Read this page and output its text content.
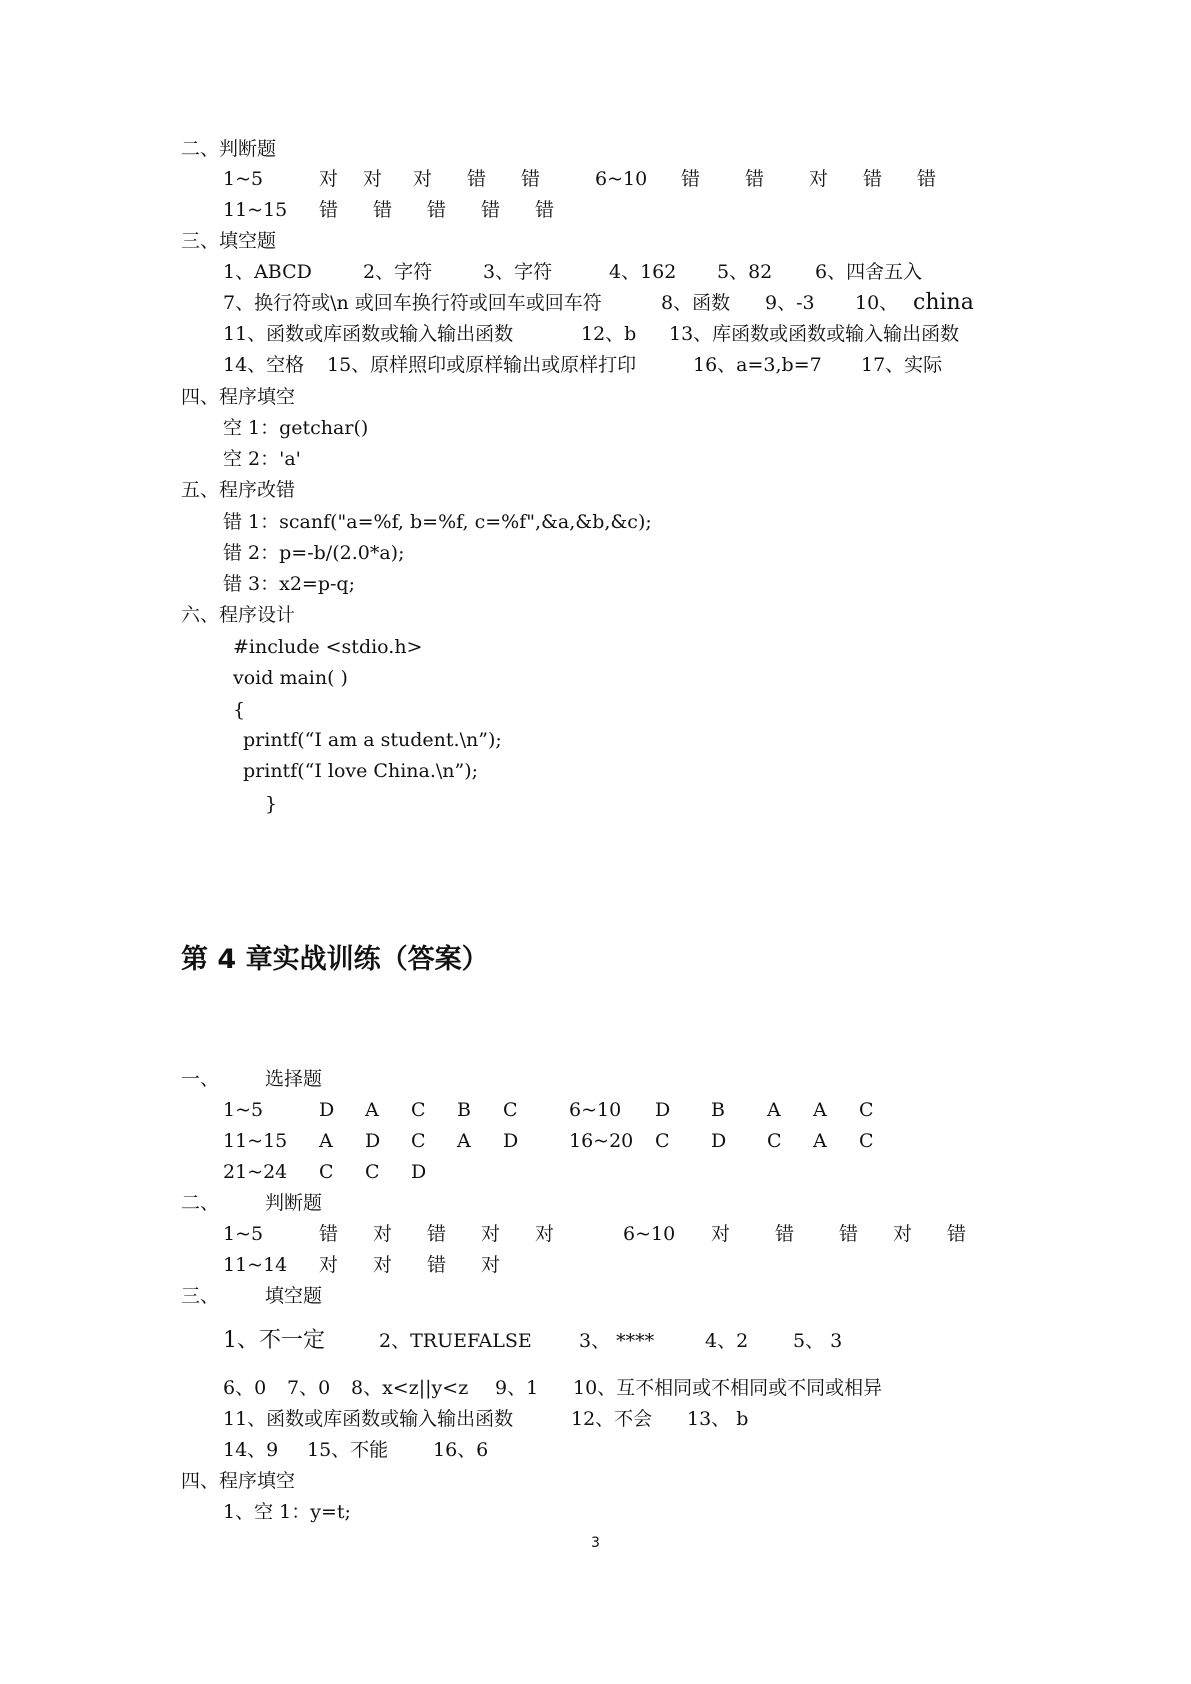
二、判断题
1~5	对 对 对 错 错	6~10 错 错 对 错 错
11~15 错 错 错 错 错
三、填空题
1、ABCD	2、字符	3、字符	4、162 5、82 6、四舍五入
7、换行符或\n 或回车换行符或回车或回车符	8、函数 9、-3 10、 china
11、函数或库函数或输入输出函数	12、b 13、库函数或函数或输入输出函数
14、空格 15、原样照印或原样输出或原样打印	16、a=3,b=7 17、实际
四、程序填空
空 1：getchar()
空 2：'a'
五、程序改错
错 1：scanf("a=%f, b=%f, c=%f",&a,&b,&c);
错 2：p=-b/(2.0*a);
错 3：x2=p-q;
六、程序设计
#include <stdio.h>
void main( )
{
printf(“I am a student.\n”);
printf(“I love China.\n”);
}
第 4 章实战训练（答案）
一、 选择题
1~5	D A C B C	6~10 D B A A C
11~15 A D C A D	16~20 C D C A C
21~24 C C D
二、 判断题
1~5	错 对 错 对 对	6~10 对 错 错 对 错
11~14 对 对 错 对
三、 填空题
1、不一定	2、TRUEFALSE 3、 ****	4、2 5、 3
6、0 7、0 8、x<z||y<z 9、1 10、互不相同或不相同或不同或相异
11、函数或库函数或输入输出函数	12、不会 13、 b
14、9 15、不能 16、6
四、程序填空
1、空 1：y=t;
3
